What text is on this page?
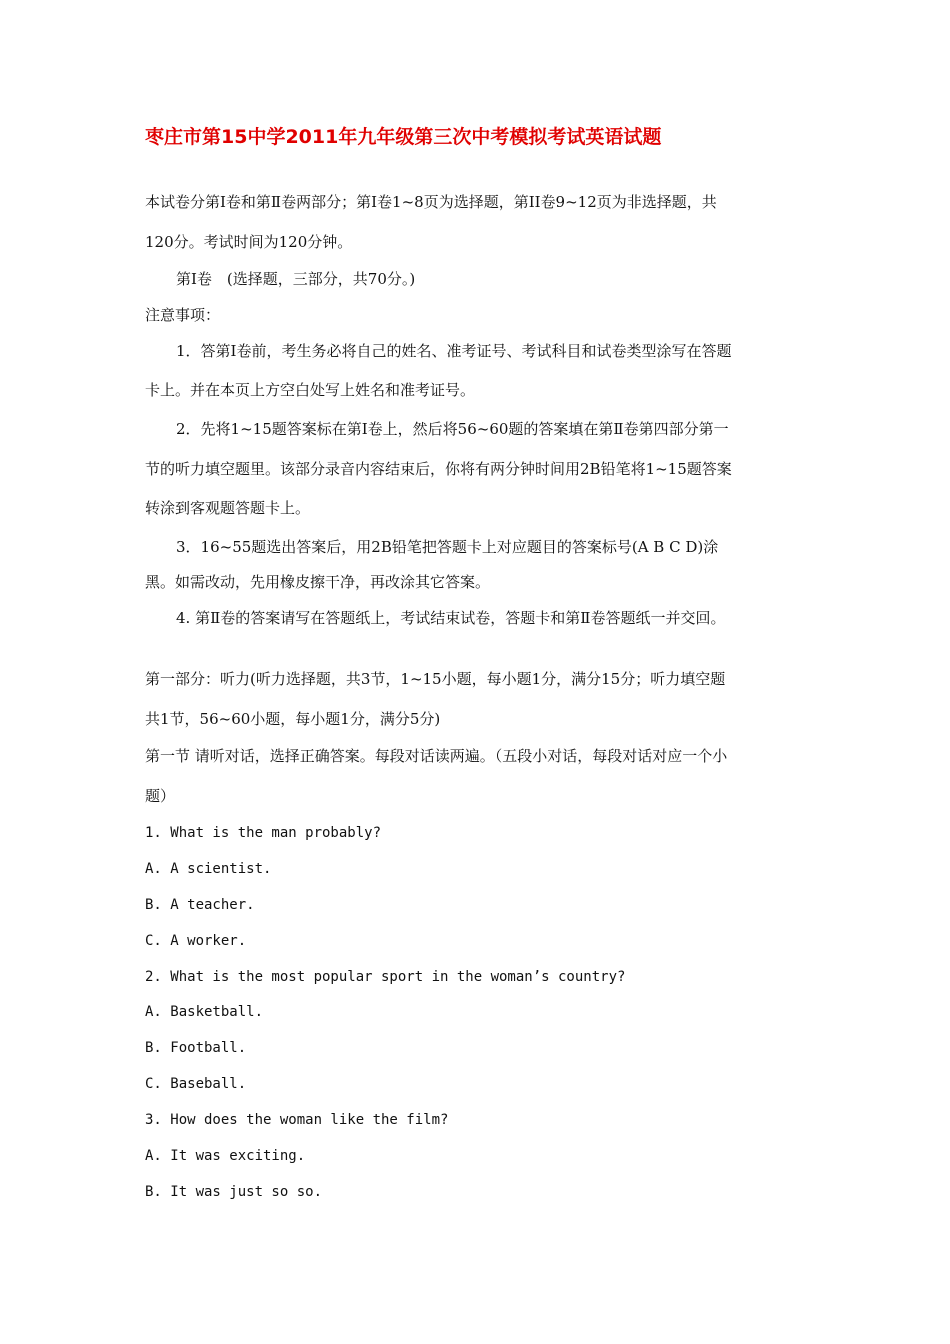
枣庄市第15中学2011年九年级第三次中考模拟考试英语试题
本试卷分第Ⅰ卷和第Ⅱ卷两部分；第Ⅰ卷1~8页为选择题，第II卷9~12页为非选择题，共
120分。考试时间为120分钟。
第Ⅰ卷　(选择题，三部分，共70分。)
注意事项：
1．答第Ⅰ卷前，考生务必将自己的姓名、准考证号、考试科目和试卷类型涂写在答题
卡上。并在本页上方空白处写上姓名和准考证号。
2．先将1~15题答案标在第Ⅰ卷上，然后将56~60题的答案填在第Ⅱ卷第四部分第一
节的听力填空题里。该部分录音内容结束后，你将有两分钟时间用2B铅笔将1~15题答案
转涂到客观题答题卡上。
3．16~55题选出答案后，用2B铅笔把答题卡上对应题目的答案标号(A B C D)涂
黑。如需改动，先用橡皮擦干净，再改涂其它答案。
4. 第Ⅱ卷的答案请写在答题纸上，考试结束试卷，答题卡和第Ⅱ卷答题纸一并交回。
第一部分：听力(听力选择题，共3节，1~15小题，每小题1分，满分15分；听力填空题
共1节，56~60小题，每小题1分，满分5分)
第一节 请听对话，选择正确答案。每段对话读两遍。（五段小对话，每段对话对应一个小
题）
1. What is the man probably?
A. A scientist.
B. A teacher.
C. A worker.
2. What is the most popular sport in the woman’s country?
A. Basketball.
B. Football.
C. Baseball.
3. How does the woman like the film?
A. It was exciting.
B. It was just so so.
